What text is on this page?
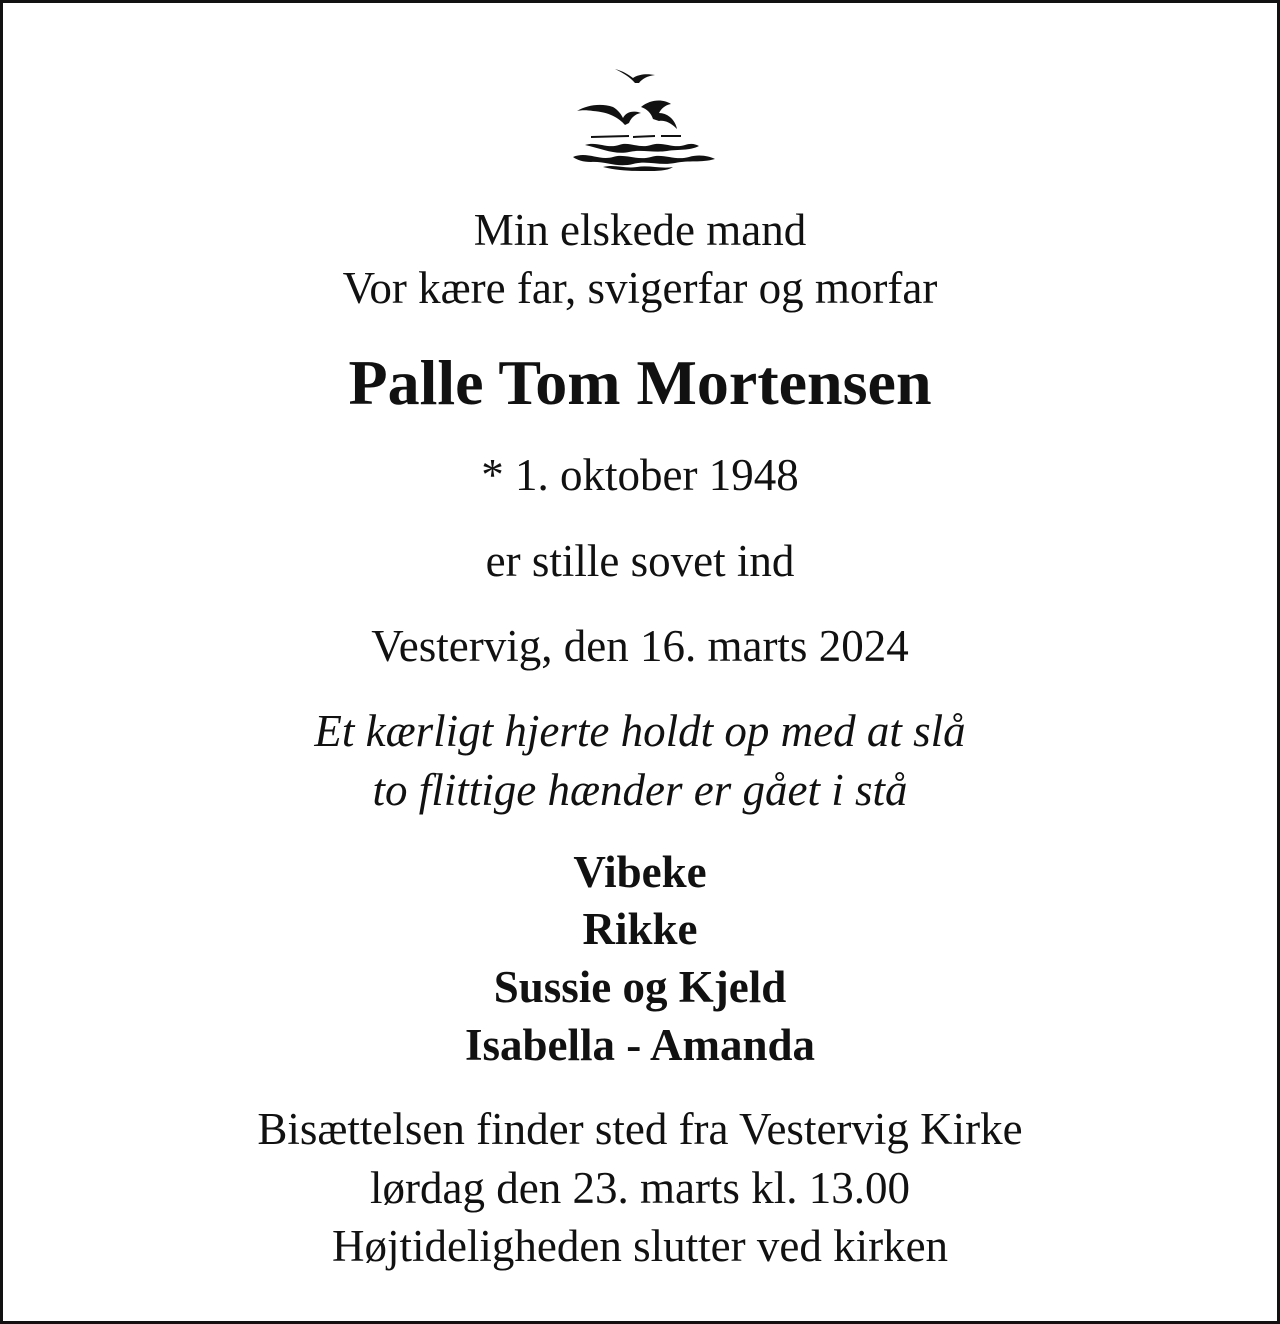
Min elskede mand
Vor kære far, svigerfar og morfar
Palle Tom Mortensen
* 1. oktober 1948
er stille sovet ind
Vestervig, den 16. marts 2024
Et kærligt hjerte holdt op med at slå
to flittige hænder er gået i stå
Vibeke
Rikke
Sussie og Kjeld
Isabella - Amanda
Bisættelsen finder sted fra Vestervig Kirke
lørdag den 23. marts kl. 13.00
Højtideligheden slutter ved kirken
